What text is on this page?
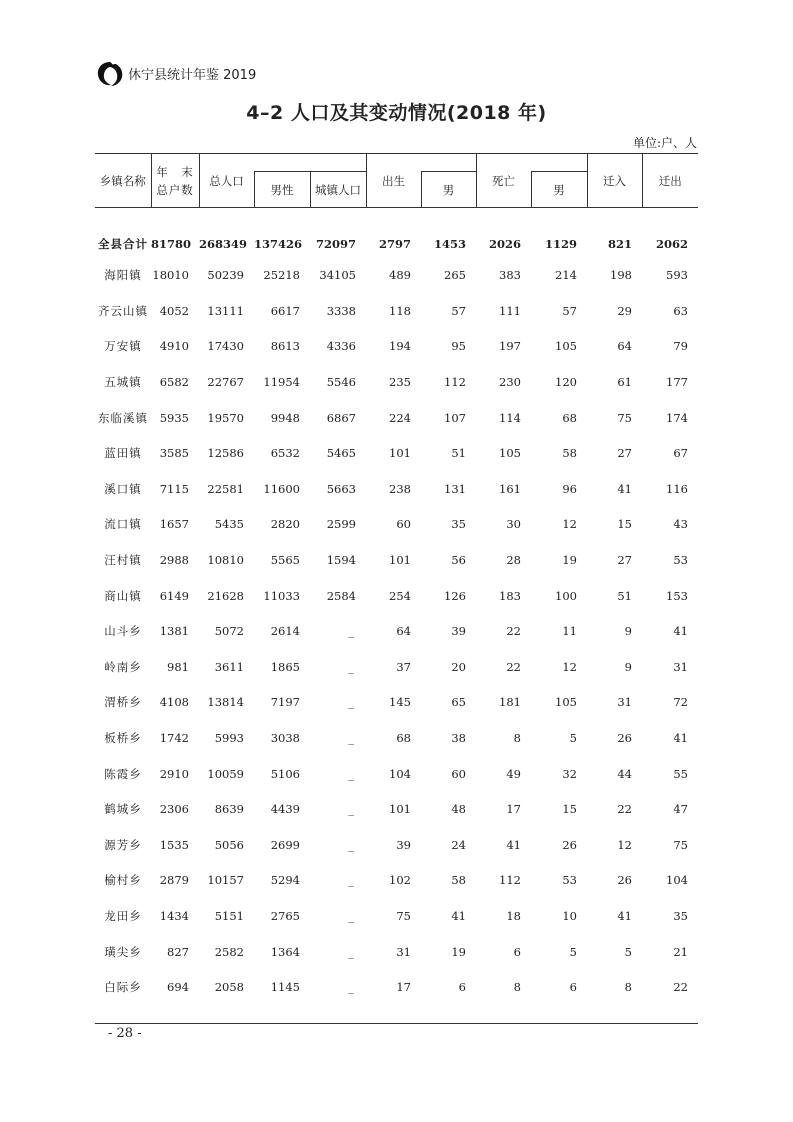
休宁县统计年鉴 2019
4–2 人口及其变动情况(2018 年)
单位:户、人
乡镇名称	年　末
总户数	总人口			出生		死亡		迁入	迁出
			男性	城镇人口		男		男		
全县合计	81780	268349	137426	72097	2797	1453	2026	1129	821	2062
海阳镇	18010	50239	25218	34105	489	265	383	214	198	593
齐云山镇	4052	13111	6617	3338	118	57	111	57	29	63
万安镇	4910	17430	8613	4336	194	95	197	105	64	79
五城镇	6582	22767	11954	5546	235	112	230	120	61	177
东临溪镇	5935	19570	9948	6867	224	107	114	68	75	174
蓝田镇	3585	12586	6532	5465	101	51	105	58	27	67
溪口镇	7115	22581	11600	5663	238	131	161	96	41	116
流口镇	1657	5435	2820	2599	60	35	30	12	15	43
汪村镇	2988	10810	5565	1594	101	56	28	19	27	53
商山镇	6149	21628	11033	2584	254	126	183	100	51	153
山斗乡	1381	5072	2614	_	64	39	22	11	9	41
岭南乡	981	3611	1865	_	37	20	22	12	9	31
渭桥乡	4108	13814	7197	_	145	65	181	105	31	72
板桥乡	1742	5993	3038	_	68	38	8	5	26	41
陈霞乡	2910	10059	5106	_	104	60	49	32	44	55
鹤城乡	2306	8639	4439	_	101	48	17	15	22	47
源芳乡	1535	5056	2699	_	39	24	41	26	12	75
榆村乡	2879	10157	5294	_	102	58	112	53	26	104
龙田乡	1434	5151	2765	_	75	41	18	10	41	35
璜尖乡	827	2582	1364	_	31	19	6	5	5	21
白际乡	694	2058	1145	_	17	6	8	6	8	22
- 28 -
